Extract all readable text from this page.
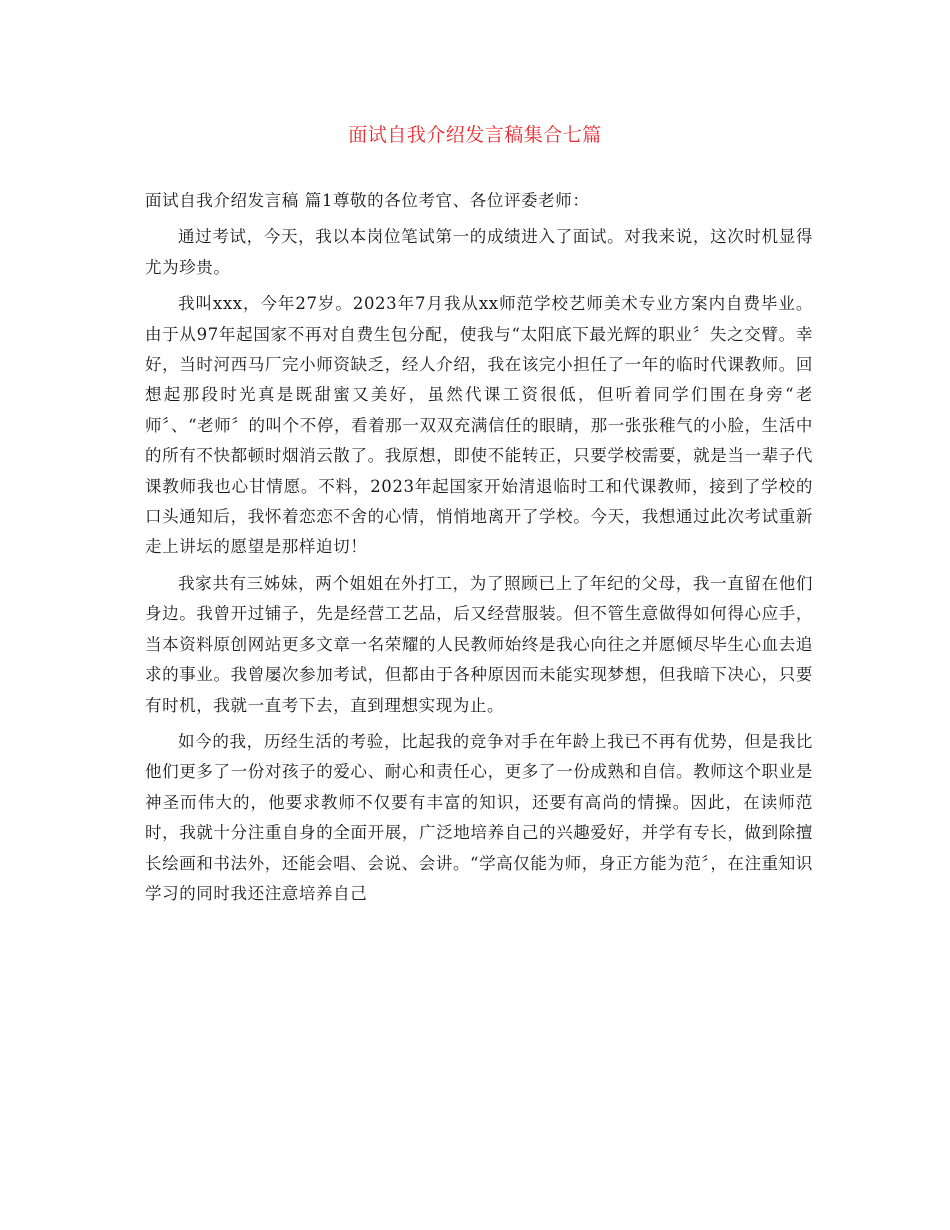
面试自我介绍发言稿集合七篇

面试自我介绍发言稿 篇1尊敬的各位考官、各位评委老师：

通过考试，今天，我以本岗位笔试第一的成绩进入了面试。对我来说，这次时机显得尤为珍贵。

我叫xxx，今年27岁。2023年7月我从xx师范学校艺师美术专业方案内自费毕业。由于从97年起国家不再对自费生包分配，使我与“太阳底下最光辉的职业〞失之交臂。幸好，当时河西马厂完小师资缺乏，经人介绍，我在该完小担任了一年的临时代课教师。回想起那段时光真是既甜蜜又美好，虽然代课工资很低，但听着同学们围在身旁“老师〞、“老师〞的叫个不停，看着那一双双充满信任的眼睛，那一张张稚气的小脸，生活中的所有不快都顿时烟消云散了。我原想，即使不能转正，只要学校需要，就是当一辈子代课教师我也心甘情愿。不料，2023年起国家开始清退临时工和代课教师，接到了学校的口头通知后，我怀着恋恋不舍的心情，悄悄地离开了学校。今天，我想通过此次考试重新走上讲坛的愿望是那样迫切！

我家共有三姊妹，两个姐姐在外打工，为了照顾已上了年纪的父母，我一直留在他们身边。我曾开过铺子，先是经营工艺品，后又经营服装。但不管生意做得如何得心应手，当本资料原创网站更多文章一名荣耀的人民教师始终是我心向往之并愿倾尽毕生心血去追求的事业。我曾屡次参加考试，但都由于各种原因而未能实现梦想，但我暗下决心，只要有时机，我就一直考下去，直到理想实现为止。

如今的我，历经生活的考验，比起我的竞争对手在年龄上我已不再有优势，但是我比他们更多了一份对孩子的爱心、耐心和责任心，更多了一份成熟和自信。教师这个职业是神圣而伟大的，他要求教师不仅要有丰富的知识，还要有高尚的情操。因此，在读师范时，我就十分注重自身的全面开展，广泛地培养自己的兴趣爱好，并学有专长，做到除擅长绘画和书法外，还能会唱、会说、会讲。“学高仅能为师，身正方能为范〞，在注重知识学习的同时我还注意培养自己
